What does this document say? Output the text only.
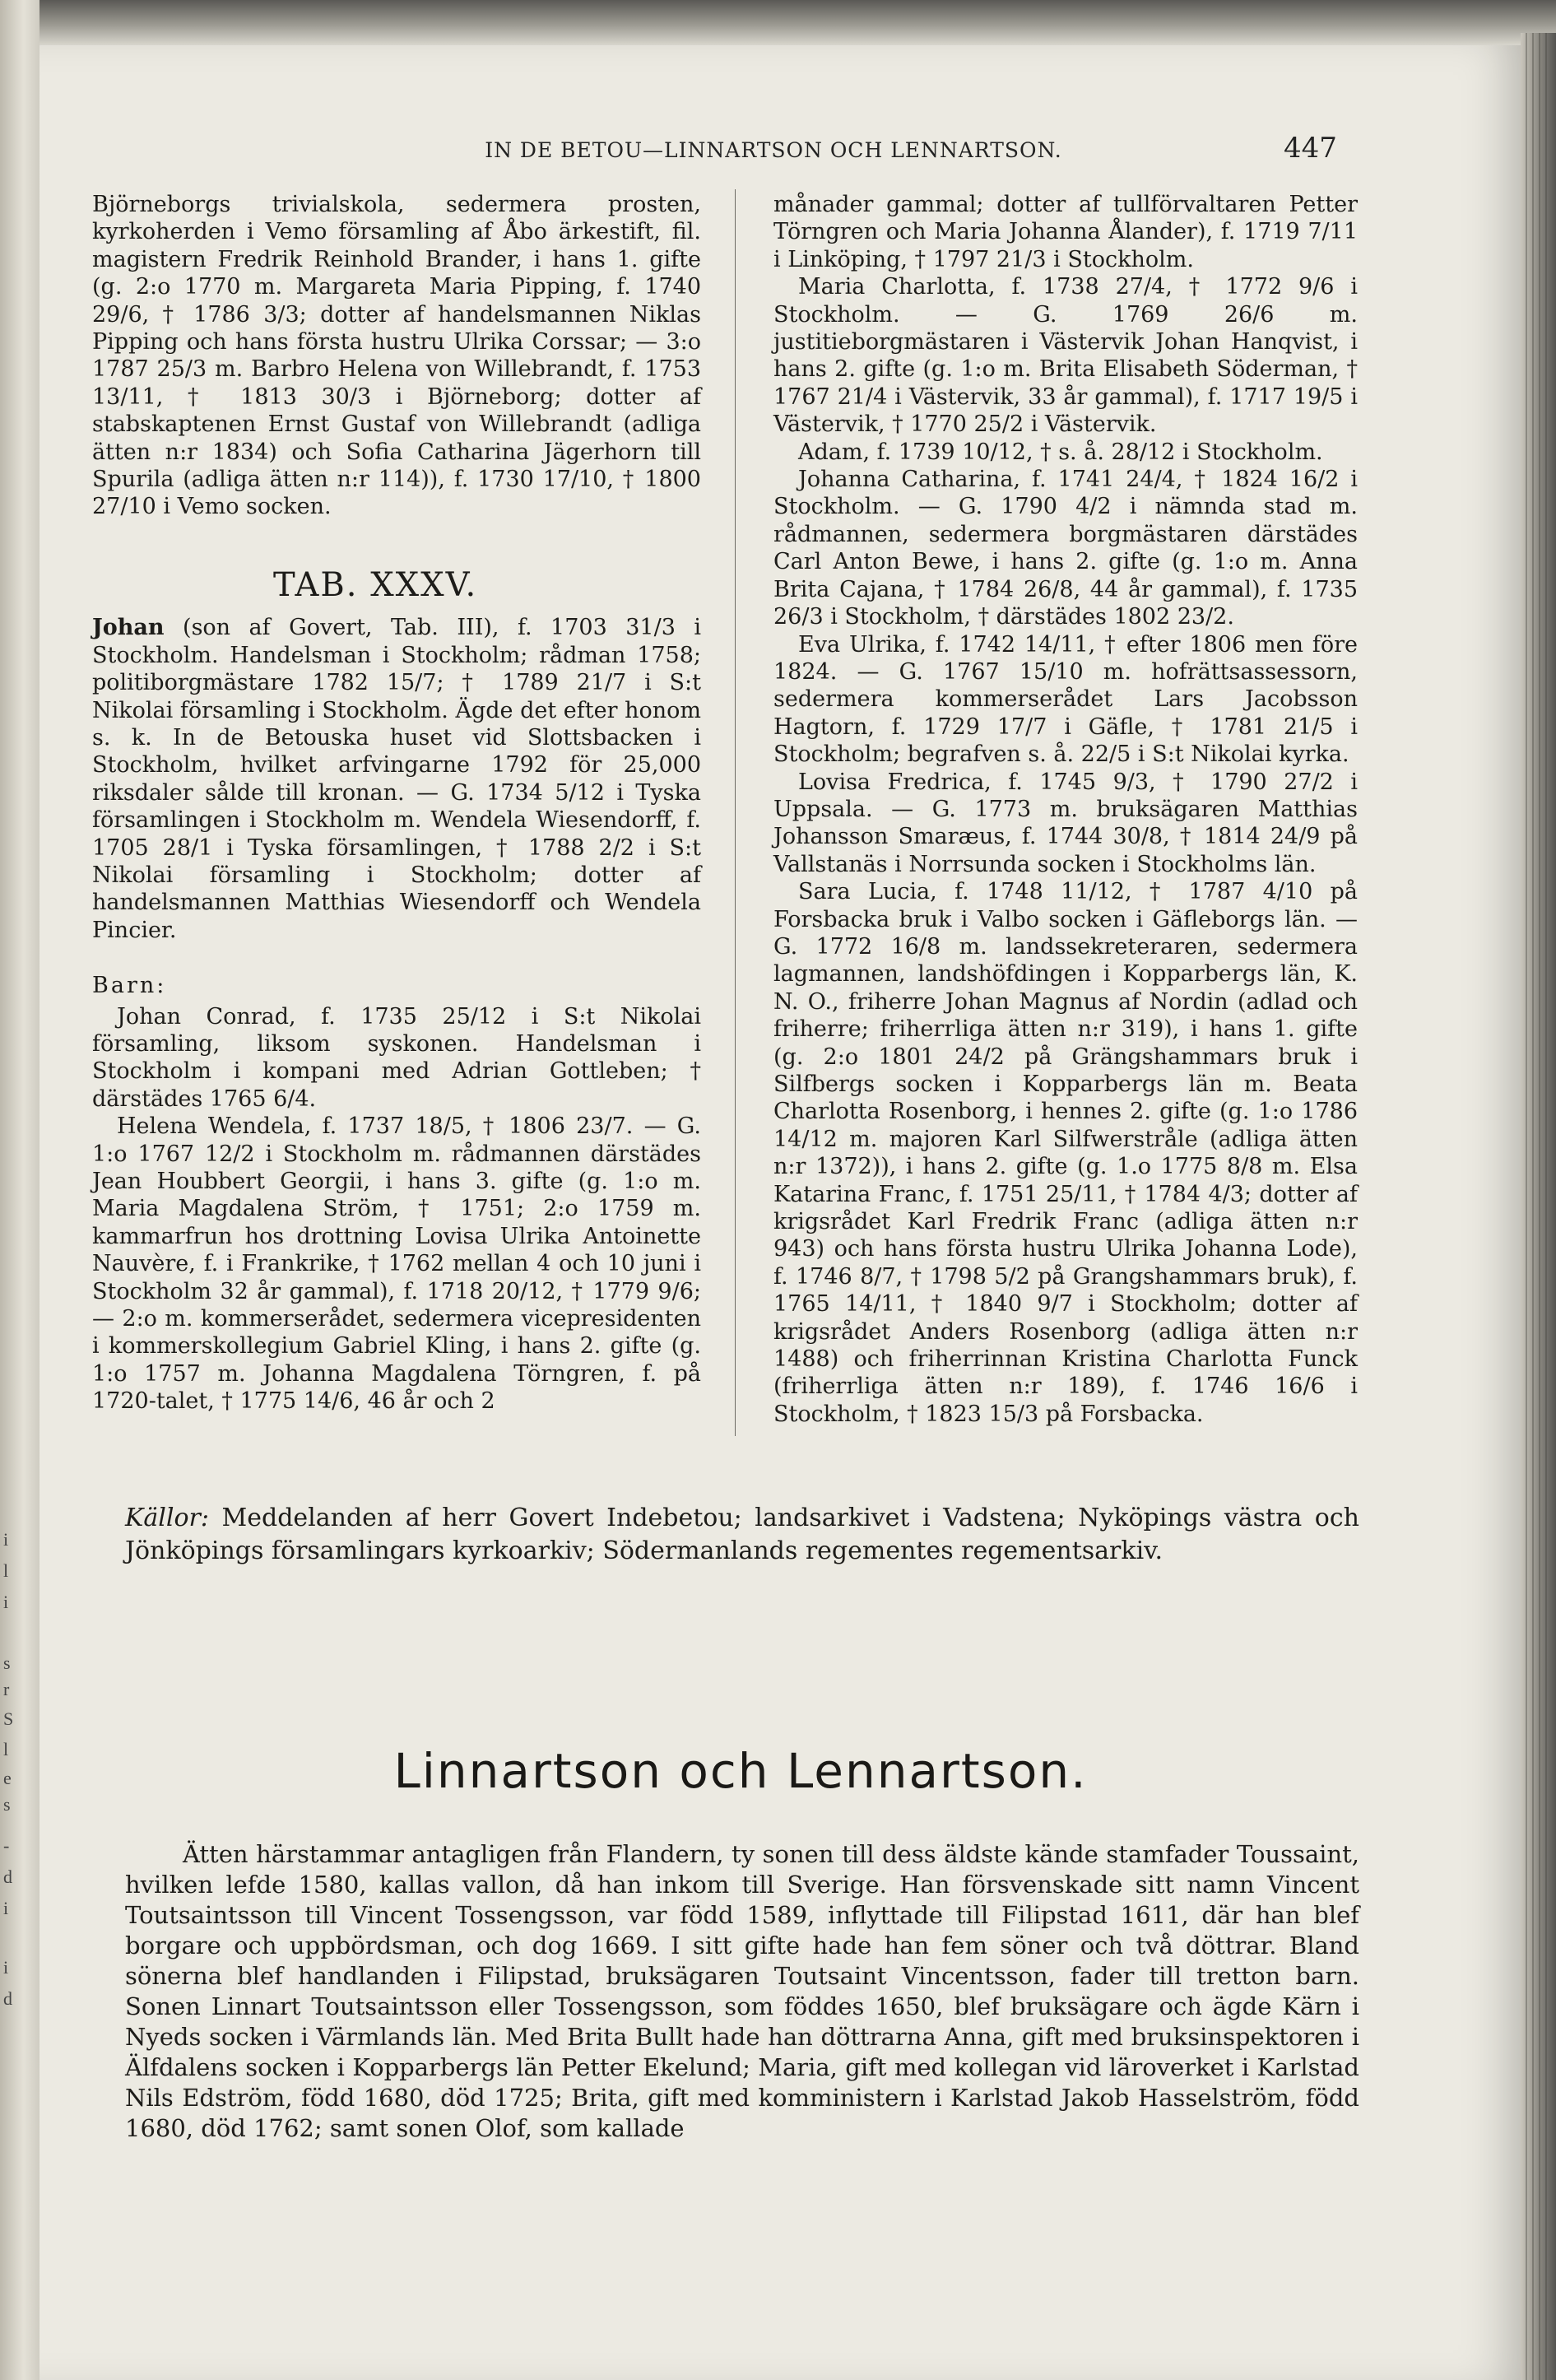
i
l
i
s
r
S
l
e
s
-
d
i
i
d
IN DE BETOU—LINNARTSON OCH LENNARTSON.	447

Björneborgs trivialskola, sedermera prosten, kyrkoherden i Vemo församling af Åbo ärkestift, fil. magistern Fredrik Reinhold Brander, i hans 1. gifte (g. 2:o 1770 m. Margareta Maria Pipping, f. 1740 29/6, † 1786 3/3; dotter af handelsmannen Niklas Pipping och hans första hustru Ulrika Corssar; — 3:o 1787 25/3 m. Barbro Helena von Willebrandt, f. 1753 13/11, † 1813 30/3 i Björneborg; dotter af stabskaptenen Ernst Gustaf von Willebrandt (adliga ätten n:r 1834) och Sofia Catharina Jägerhorn till Spurila (adliga ätten n:r 114)), f. 1730 17/10, † 1800 27/10 i Vemo socken.

TAB. XXXV.

Johan (son af Govert, Tab. III), f. 1703 31/3 i Stockholm. Handelsman i Stockholm; rådman 1758; politiborgmästare 1782 15/7; † 1789 21/7 i S:t Nikolai församling i Stockholm. Ägde det efter honom s. k. In de Betouska huset vid Slottsbacken i Stockholm, hvilket arfvingarne 1792 för 25,000 riksdaler sålde till kronan. — G. 1734 5/12 i Tyska församlingen i Stockholm m. Wendela Wiesendorff, f. 1705 28/1 i Tyska församlingen, † 1788 2/2 i S:t Nikolai församling i Stockholm; dotter af handelsmannen Matthias Wiesendorff och Wendela Pincier.

Barn:

Johan Conrad, f. 1735 25/12 i S:t Nikolai församling, liksom syskonen. Handelsman i Stockholm i kompani med Adrian Gottleben; † därstädes 1765 6/4.

Helena Wendela, f. 1737 18/5, † 1806 23/7. — G. 1:o 1767 12/2 i Stockholm m. rådmannen därstädes Jean Houbbert Georgii, i hans 3. gifte (g. 1:o m. Maria Magdalena Ström, † 1751; 2:o 1759 m. kammarfrun hos drottning Lovisa Ulrika Antoinette Nauvère, f. i Frankrike, † 1762 mellan 4 och 10 juni i Stockholm 32 år gammal), f. 1718 20/12, † 1779 9/6; — 2:o m. kommerserådet, sedermera vicepresidenten i kommerskollegium Gabriel Kling, i hans 2. gifte (g. 1:o 1757 m. Johanna Magdalena Törngren, f. på 1720-talet, † 1775 14/6, 46 år och 2

månader gammal; dotter af tullförvaltaren Petter Törngren och Maria Johanna Ålander), f. 1719 7/11 i Linköping, † 1797 21/3 i Stockholm.

Maria Charlotta, f. 1738 27/4, † 1772 9/6 i Stockholm. — G. 1769 26/6 m. justitieborgmästaren i Västervik Johan Hanqvist, i hans 2. gifte (g. 1:o m. Brita Elisabeth Söderman, † 1767 21/4 i Västervik, 33 år gammal), f. 1717 19/5 i Västervik, † 1770 25/2 i Västervik.

Adam, f. 1739 10/12, † s. å. 28/12 i Stockholm.

Johanna Catharina, f. 1741 24/4, † 1824 16/2 i Stockholm. — G. 1790 4/2 i nämnda stad m. rådmannen, sedermera borgmästaren därstädes Carl Anton Bewe, i hans 2. gifte (g. 1:o m. Anna Brita Cajana, † 1784 26/8, 44 år gammal), f. 1735 26/3 i Stockholm, † därstädes 1802 23/2.

Eva Ulrika, f. 1742 14/11, † efter 1806 men före 1824. — G. 1767 15/10 m. hofrättsassessorn, sedermera kommerserådet Lars Jacobsson Hagtorn, f. 1729 17/7 i Gäfle, † 1781 21/5 i Stockholm; begrafven s. å. 22/5 i S:t Nikolai kyrka.

Lovisa Fredrica, f. 1745 9/3, † 1790 27/2 i Uppsala. — G. 1773 m. bruksägaren Matthias Johansson Smaræus, f. 1744 30/8, † 1814 24/9 på Vallstanäs i Norrsunda socken i Stockholms län.

Sara Lucia, f. 1748 11/12, † 1787 4/10 på Forsbacka bruk i Valbo socken i Gäfleborgs län. — G. 1772 16/8 m. landssekreteraren, sedermera lagmannen, landshöfdingen i Kopparbergs län, K. N. O., friherre Johan Magnus af Nordin (adlad och friherre; friherrliga ätten n:r 319), i hans 1. gifte (g. 2:o 1801 24/2 på Grängshammars bruk i Silfbergs socken i Kopparbergs län m. Beata Charlotta Rosenborg, i hennes 2. gifte (g. 1:o 1786 14/12 m. majoren Karl Silfwerstråle (adliga ätten n:r 1372)), i hans 2. gifte (g. 1.o 1775 8/8 m. Elsa Katarina Franc, f. 1751 25/11, † 1784 4/3; dotter af krigsrådet Karl Fredrik Franc (adliga ätten n:r 943) och hans första hustru Ulrika Johanna Lode), f. 1746 8/7, † 1798 5/2 på Grangshammars bruk), f. 1765 14/11, † 1840 9/7 i Stockholm; dotter af krigsrådet Anders Rosenborg (adliga ätten n:r 1488) och friherrinnan Kristina Charlotta Funck (friherrliga ätten n:r 189), f. 1746 16/6 i Stockholm, † 1823 15/3 på Forsbacka.

Källor: Meddelanden af herr Govert Indebetou; landsarkivet i Vadstena; Nyköpings västra och Jönköpings församlingars kyrkoarkiv; Södermanlands regementes regementsarkiv.
Linnartson och Lennartson.

Ätten härstammar antagligen från Flandern, ty sonen till dess äldste kände stamfader Toussaint, hvilken lefde 1580, kallas vallon, då han inkom till Sverige. Han försvenskade sitt namn Vincent Toutsaintsson till Vincent Tossengsson, var född 1589, inflyttade till Filipstad 1611, där han blef borgare och uppbördsman, och dog 1669. I sitt gifte hade han fem söner och två döttrar. Bland sönerna blef handlanden i Filipstad, bruksägaren Toutsaint Vincentsson, fader till tretton barn. Sonen Linnart Toutsaintsson eller Tossengsson, som föddes 1650, blef bruksägare och ägde Kärn i Nyeds socken i Värmlands län. Med Brita Bullt hade han döttrarna Anna, gift med bruksinspektoren i Älfdalens socken i Kopparbergs län Petter Ekelund; Maria, gift med kollegan vid läroverket i Karlstad Nils Edström, född 1680, död 1725; Brita, gift med komministern i Karlstad Jakob Hasselström, född 1680, död 1762; samt sonen Olof, som kallade
